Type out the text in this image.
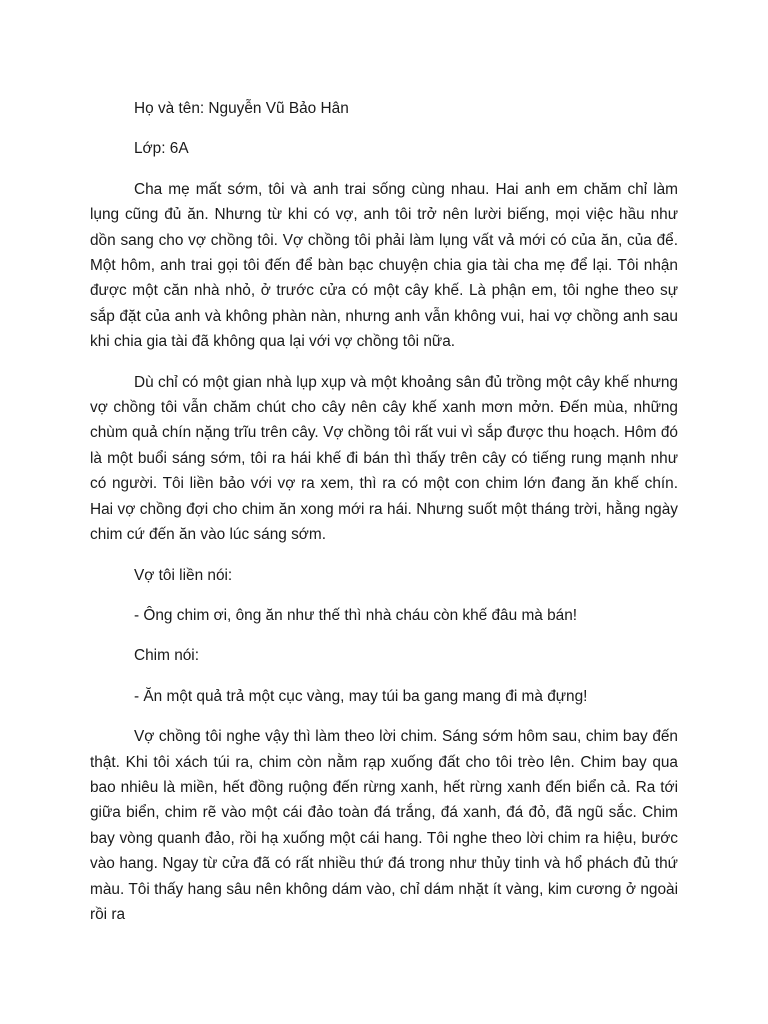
Họ và tên: Nguyễn Vũ Bảo Hân

Lớp: 6A

Cha mẹ mất sớm, tôi và anh trai sống cùng nhau. Hai anh em chăm chỉ làm lụng cũng đủ ăn. Nhưng từ khi có vợ, anh tôi trở nên lười biếng, mọi việc hầu như dồn sang cho vợ chồng tôi. Vợ chồng tôi phải làm lụng vất vả mới có của ăn, của để. Một hôm, anh trai gọi tôi đến để bàn bạc chuyện chia gia tài cha mẹ để lại. Tôi nhận được một căn nhà nhỏ, ở trước cửa có một cây khế. Là phận em, tôi nghe theo sự sắp đặt của anh và không phàn nàn, nhưng anh vẫn không vui, hai vợ chồng anh sau khi chia gia tài đã không qua lại với vợ chồng tôi nữa.

Dù chỉ có một gian nhà lụp xụp và một khoảng sân đủ trồng một cây khế nhưng vợ chồng tôi vẫn chăm chút cho cây nên cây khế xanh mơn mởn. Đến mùa, những chùm quả chín nặng trĩu trên cây. Vợ chồng tôi rất vui vì sắp được thu hoạch. Hôm đó là một buổi sáng sớm, tôi ra hái khế đi bán thì thấy trên cây có tiếng rung mạnh như có người. Tôi liền bảo với vợ ra xem, thì ra có một con chim lớn đang ăn khế chín. Hai vợ chồng đợi cho chim ăn xong mới ra hái. Nhưng suốt một tháng trời, hằng ngày chim cứ đến ăn vào lúc sáng sớm.

Vợ tôi liền nói:

- Ông chim ơi, ông ăn như thế thì nhà cháu còn khế đâu mà bán!

Chim nói:

- Ăn một quả trả một cục vàng, may túi ba gang mang đi mà đựng!

Vợ chồng tôi nghe vậy thì làm theo lời chim. Sáng sớm hôm sau, chim bay đến thật. Khi tôi xách túi ra, chim còn nằm rạp xuống đất cho tôi trèo lên. Chim bay qua bao nhiêu là miền, hết đồng ruộng đến rừng xanh, hết rừng xanh đến biển cả. Ra tới giữa biển, chim rẽ vào một cái đảo toàn đá trắng, đá xanh, đá đỏ, đã ngũ sắc. Chim bay vòng quanh đảo, rồi hạ xuống một cái hang. Tôi nghe theo lời chim ra hiệu, bước vào hang. Ngay từ cửa đã có rất nhiều thứ đá trong như thủy tinh và hổ phách đủ thứ màu. Tôi thấy hang sâu nên không dám vào, chỉ dám nhặt ít vàng, kim cương ở ngoài rồi ra
